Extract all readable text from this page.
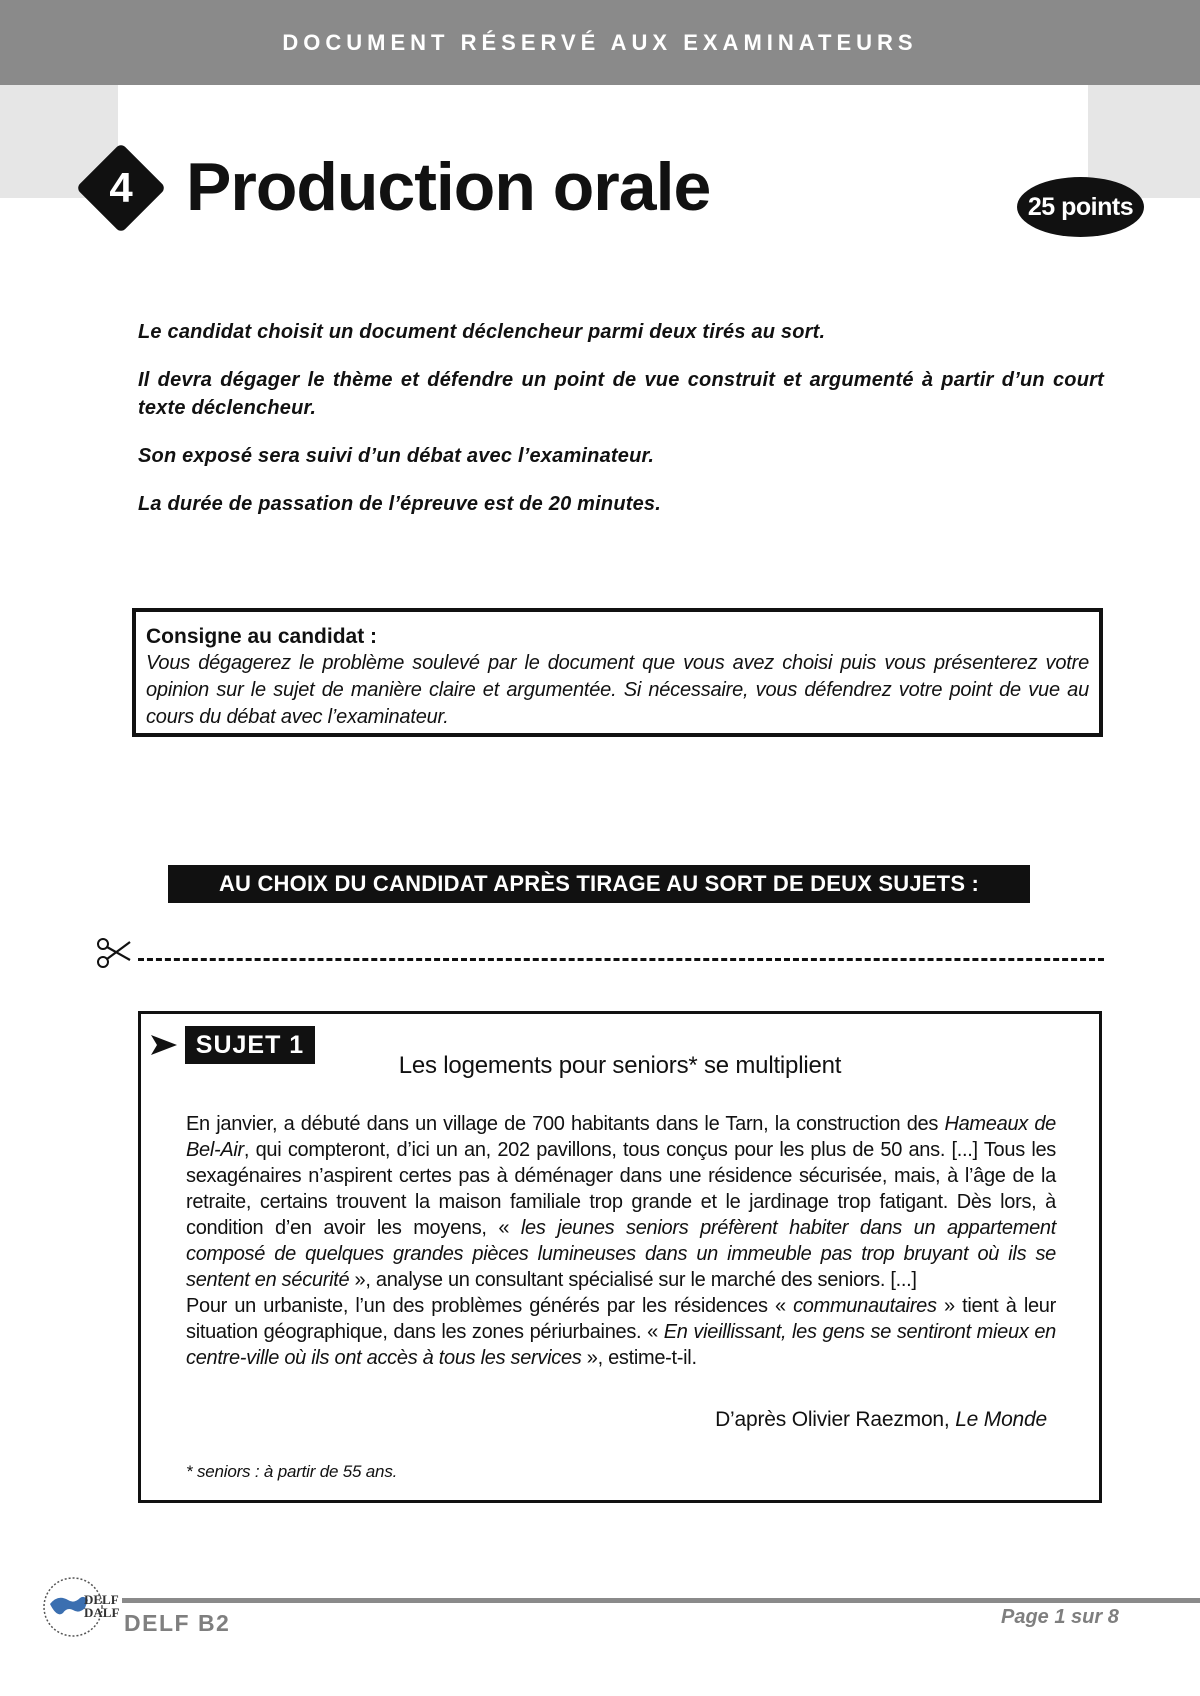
DOCUMENT RÉSERVÉ AUX EXAMINATEURS
4 Production orale	25 points

Le candidat choisit un document déclencheur parmi deux tirés au sort.

Il devra dégager le thème et défendre un point de vue construit et argumenté à partir d’un court texte déclencheur.

Son exposé sera suivi d’un débat avec l’examinateur.

La durée de passation de l’épreuve est de 20 minutes.

Consigne au candidat :

Vous dégagerez le problème soulevé par le document que vous avez choisi puis vous présenterez votre opinion sur le sujet de manière claire et argumentée. Si nécessaire, vous défendrez votre point de vue au cours du débat avec l’examinateur.

AU CHOIX DU CANDIDAT APRÈS TIRAGE AU SORT DE DEUX SUJETS :
SUJET 1
Les logements pour seniors* se multiplient

En janvier, a débuté dans un village de 700 habitants dans le Tarn, la construction des Hameaux de Bel-Air, qui compteront, d’ici un an, 202 pavillons, tous conçus pour les plus de 50 ans. [...] Tous les sexagénaires n’aspirent certes pas à déménager dans une résidence sécurisée, mais, à l’âge de la retraite, certains trouvent la maison familiale trop grande et le jardinage trop fatigant. Dès lors, à condition d’en avoir les moyens, « les jeunes seniors préfèrent habiter dans un appartement composé de quelques grandes pièces lumineuses dans un immeuble pas trop bruyant où ils se sentent en sécurité », analyse un consultant spécialisé sur le marché des seniors. [...]

Pour un urbaniste, l’un des problèmes générés par les résidences « communautaires » tient à leur situation géographique, dans les zones périurbaines. « En vieillissant, les gens se sentiront mieux en centre-ville où ils ont accès à tous les services », estime-t-il.

D’après Olivier Raezmon, Le Monde
* seniors : à partir de 55 ans.
DELF
DALF DELF B2	Page 1 sur 8
